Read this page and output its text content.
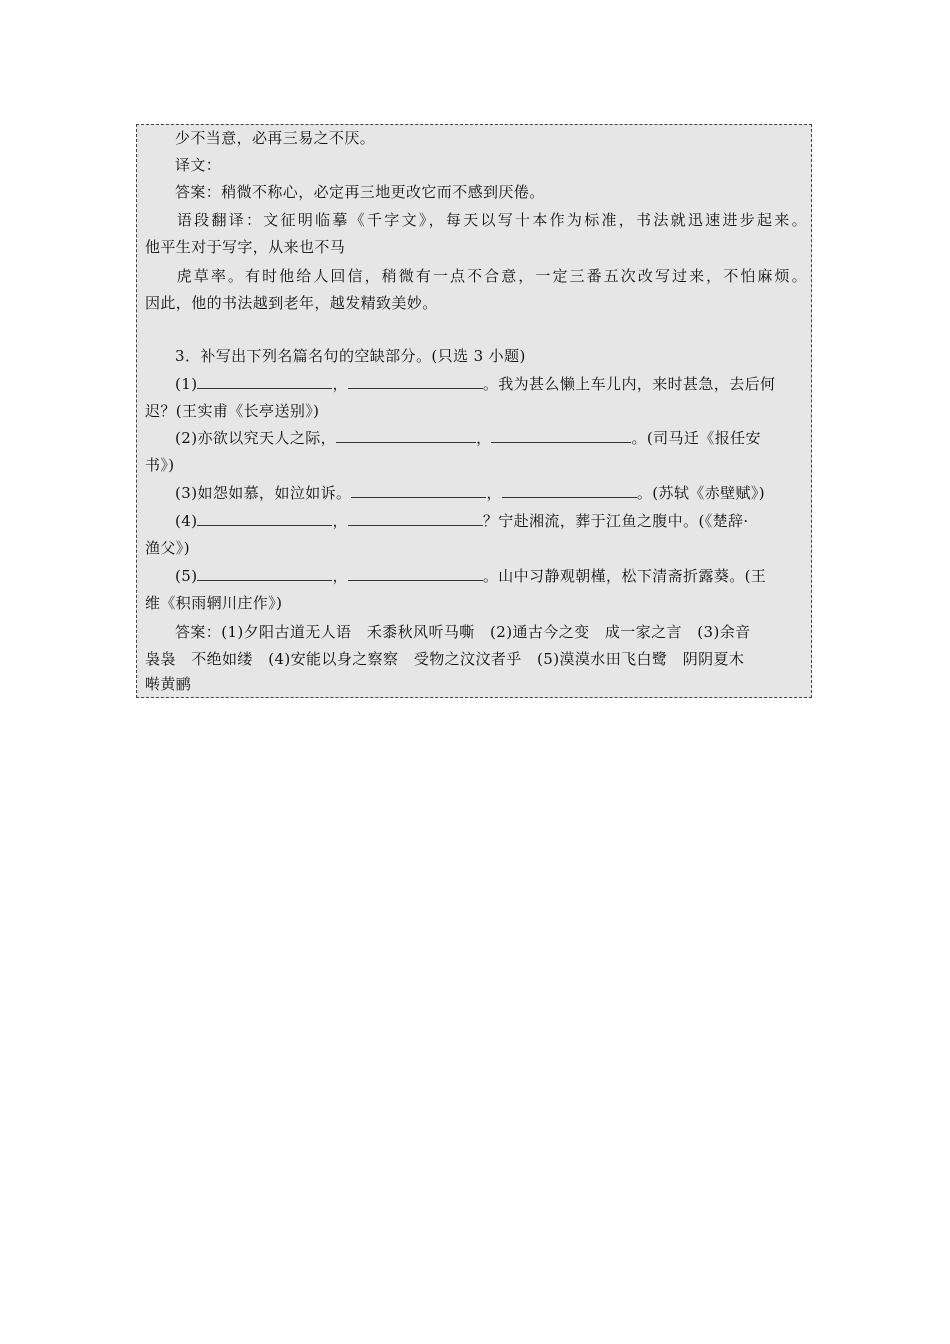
少不当意，必再三易之不厌。
译文：
答案：稍微不称心，必定再三地更改它而不感到厌倦。
语段翻译：文征明临摹《千字文》，每天以写十本作为标准，书法就迅速进步起来。
他平生对于写字，从来也不马
虎草率。有时他给人回信，稍微有一点不合意，一定三番五次改写过来，不怕麻烦。
因此，他的书法越到老年，越发精致美妙。
3．补写出下列名篇名句的空缺部分。(只选 3 小题)
(1)	，	。我为甚么懒上车儿内，来时甚急，去后何
迟？(王实甫《长亭送别》)
(2)亦欲以究天人之际，	，	。(司马迁《报任安
书》)
(3)如怨如慕，如泣如诉。	，	。(苏轼《赤壁赋》)
(4)	，	？宁赴湘流，葬于江鱼之腹中。(《楚辞·
渔父》)
(5)	，	。山中习静观朝槿，松下清斋折露葵。(王
维《积雨辋川庄作》)
答案：(1)夕阳古道无人语　禾黍秋风听马嘶　(2)通古今之变　成一家之言　(3)余音
袅袅　不绝如缕　(4)安能以身之察察　受物之汶汶者乎　(5)漠漠水田飞白鹭　阴阴夏木
啭黄鹂
